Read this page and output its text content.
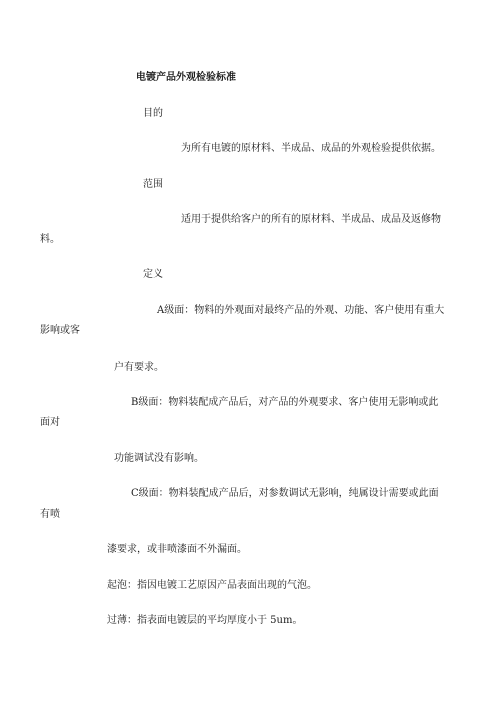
电镀产品外观检验标准
目的
为所有电镀的原材料、半成品、成品的外观检验提供依据。
范围
适用于提供给客户的所有的原材料、半成品、成品及返修物
料。
定义
A级面：物料的外观面对最终产品的外观、功能、客户使用有重大
影响或客
户有要求。
B级面：物料装配成产品后，对产品的外观要求、客户使用无影响或此
面对
功能调试没有影响。
C级面：物料装配成产品后，对参数调试无影响，纯属设计需要或此面
有喷
漆要求，或非喷漆面不外漏面。
起泡：指因电镀工艺原因产品表面出现的气泡。
过薄：指表面电镀层的平均厚度小于 5um。
